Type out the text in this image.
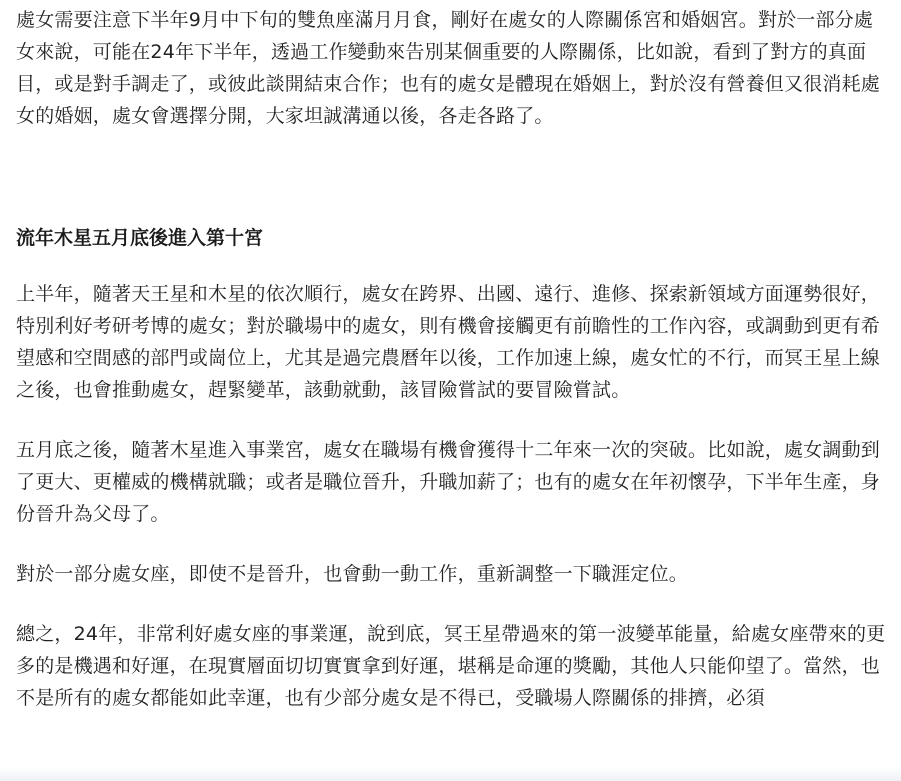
處女需要注意下半年9月中下旬的雙魚座滿月月食，剛好在處女的人際關係宮和婚姻宮。對於一部分處女來說，可能在24年下半年，透過工作變動來告別某個重要的人際關係，比如說，看到了對方的真面目，或是對手調走了，或彼此談開結束合作；也有的處女是體現在婚姻上，對於沒有營養但又很消耗處女的婚姻，處女會選擇分開，大家坦誠溝通以後，各走各路了。

流年木星五月底後進入第十宮

上半年，隨著天王星和木星的依次順行，處女在跨界、出國、遠行、進修、探索新領域方面運勢很好，特別利好考研考博的處女；對於職場中的處女，則有機會接觸更有前瞻性的工作內容，或調動到更有希望感和空間感的部門或崗位上，尤其是過完農曆年以後，工作加速上線，處女忙的不行，而冥王星上線之後，也會推動處女，趕緊變革，該動就動，該冒險嘗試的要冒險嘗試。

五月底之後，隨著木星進入事業宮，處女在職場有機會獲得十二年來一次的突破。比如說，處女調動到了更大、更權威的機構就職；或者是職位晉升，升職加薪了；也有的處女在年初懷孕，下半年生產，身份晉升為父母了。

對於一部分處女座，即使不是晉升，也會動一動工作，重新調整一下職涯定位。

總之，24年，非常利好處女座的事業運，說到底，冥王星帶過來的第一波變革能量，給處女座帶來的更多的是機遇和好運，在現實層面切切實實拿到好運，堪稱是命運的獎勵，其他人只能仰望了。當然，也不是所有的處女都能如此幸運，也有少部分處女是不得已，受職場人際關係的排擠，必須
